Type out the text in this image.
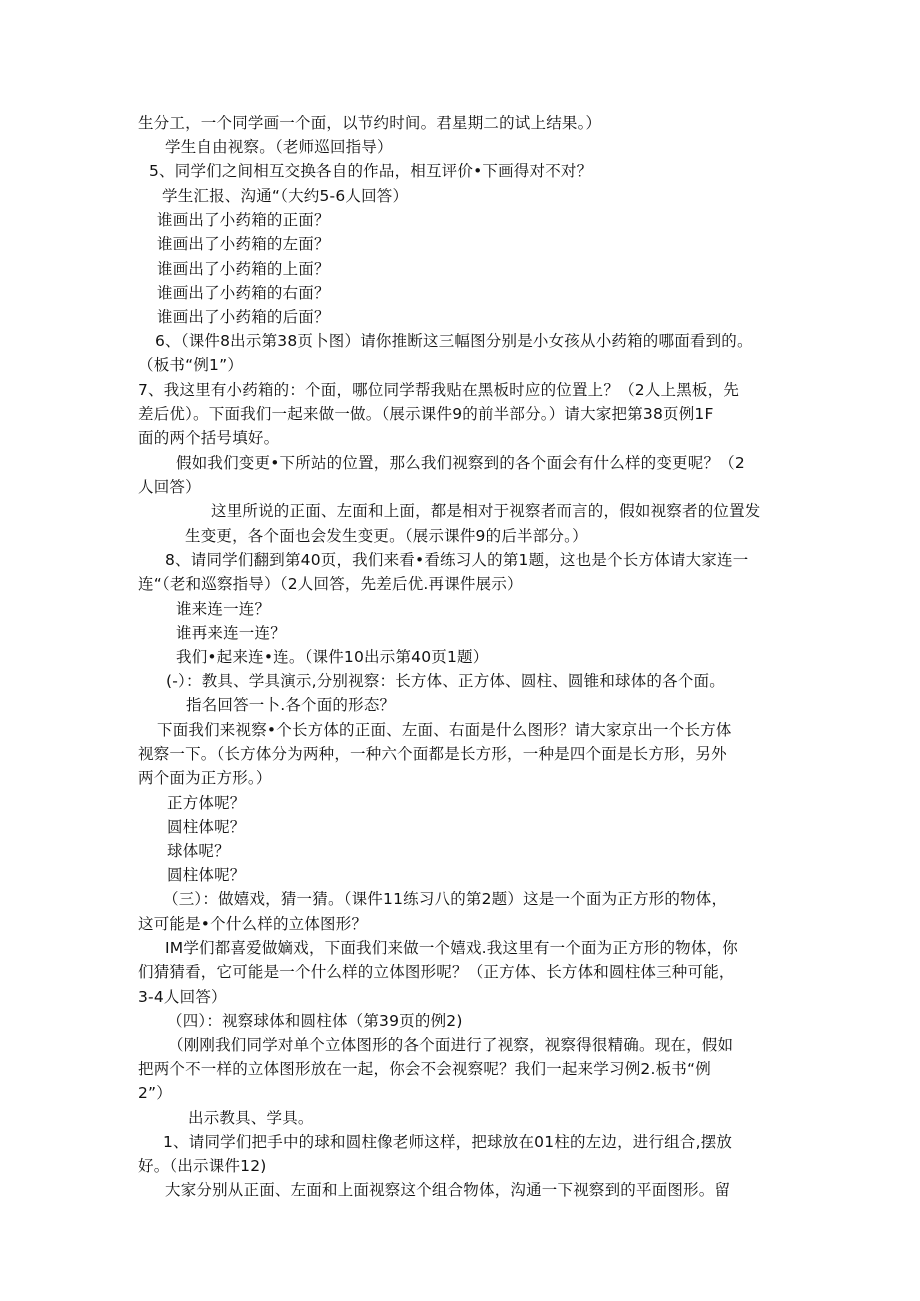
生分工，一个同学画一个面，以节约时间。君星期二的试上结果。）
学生自由视察。（老师巡回指导）
5、同学们之间相互交换各自的作品，相互评价•下画得对不对？
学生汇报、沟通“（大约5-6人回答）
谁画出了小药箱的正面？
谁画出了小药箱的左面？
谁画出了小药箱的上面？
谁画出了小药箱的右面？
谁画出了小药箱的后面？
6、（课件8出示第38页卜图）请你推断这三幅图分别是小女孩从小药箱的哪面看到的。
（板书“例1”）
7、我这里有小药箱的：个面，哪位同学帮我贴在黑板时应的位置上？（2人上黑板，先
差后优）。下面我们一起来做一做。（展示课件9的前半部分。）请大家把第38页例1F
面的两个括号填好。
假如我们变更•下所站的位置，那么我们视察到的各个面会有什么样的变更呢？（2
人回答）
这里所说的正面、左面和上面，都是相对于视察者而言的，假如视察者的位置发
生变更，各个面也会发生变更。（展示课件9的后半部分。）
8、请同学们翻到第40页，我们来看•看练习人的第1题，这也是个长方体请大家连一
连“（老和巡察指导）（2人回答，先差后优.再课件展示）
谁来连一连？
谁再来连一连？
我们•起来连•连。（课件10出示第40页1题）
(-）：教具、学具演示,分别视察：长方体、正方体、圆柱、圆锥和球体的各个面。
指名回答一卜.各个面的形态？
下面我们来视察•个长方体的正面、左面、右面是什么图形？请大家京出一个长方体
视察一下。（长方体分为两种，一种六个面都是长方形，一种是四个面是长方形，另外
两个面为正方形。）
正方体呢？
圆柱体呢？
球体呢？
圆柱体呢？
（三）：做嬉戏，猜一猜。（课件11练习八的第2题）这是一个面为正方形的物体，
这可能是•个什么样的立体图形？
IM学们都喜爱做嫡戏，下面我们来做一个嬉戏.我这里有一个面为正方形的物体，你
们猜猜看，它可能是一个什么样的立体图形呢？（正方体、长方体和圆柱体三种可能，
3-4人回答）
（四）：视察球体和圆柱体（第39页的例2)
（刚刚我们同学对单个立体图形的各个面进行了视察，视察得很精确。现在，假如
把两个不一样的立体图形放在一起，你会不会视察呢？我们一起来学习例2.板书“例
2”）
出示教具、学具。
1、请同学们把手中的球和圆柱像老师这样，把球放在01柱的左边，进行组合,摆放
好。（出示课件12)
大家分别从正面、左面和上面视察这个组合物体，沟通一下视察到的平面图形。留
